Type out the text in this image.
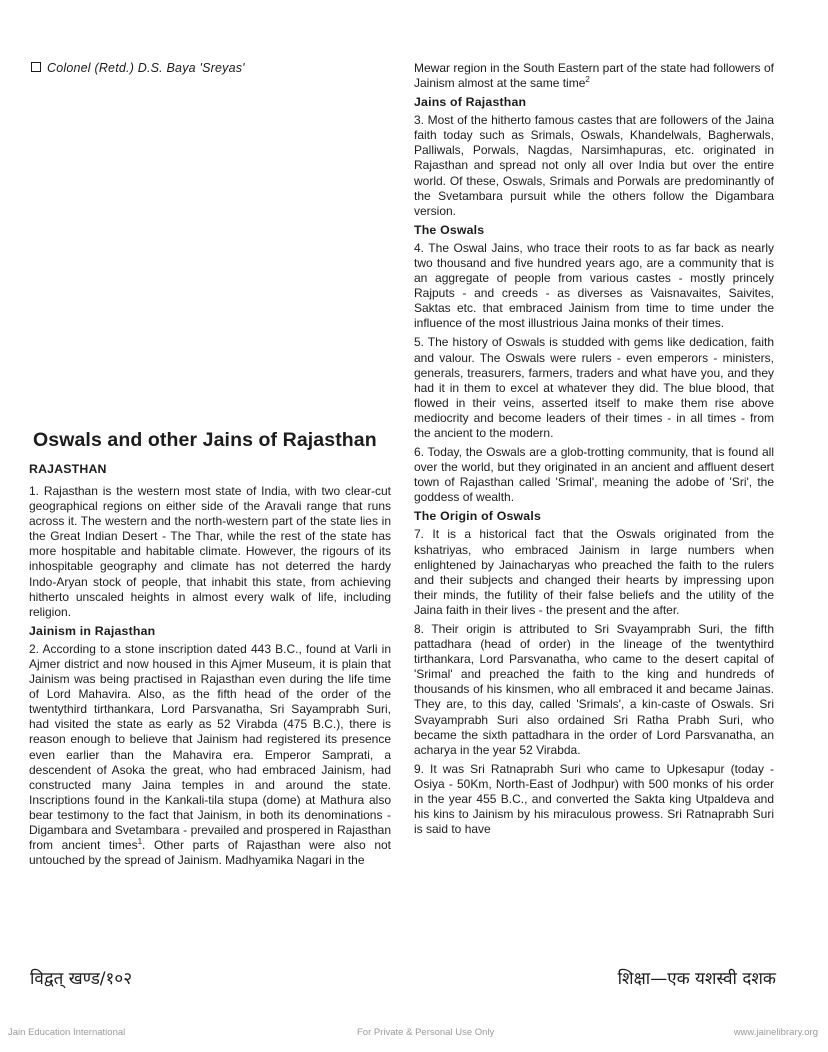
Colonel (Retd.) D.S. Baya 'Sreyas'
Oswals and other Jains of Rajasthan
RAJASTHAN

1. Rajasthan is the western most state of India, with two clear-cut geographical regions on either side of the Aravali range that runs across it. The western and the north-western part of the state lies in the Great Indian Desert - The Thar, while the rest of the state has more hospitable and habitable climate. However, the rigours of its inhospitable geography and climate has not deterred the hardy Indo-Aryan stock of people, that inhabit this state, from achieving hitherto unscaled heights in almost every walk of life, including religion.

Jainism in Rajasthan

2. According to a stone inscription dated 443 B.C., found at Varli in Ajmer district and now housed in this Ajmer Museum, it is plain that Jainism was being practised in Rajasthan even during the life time of Lord Mahavira. Also, as the fifth head of the order of the twentythird tirthankara, Lord Parsvanatha, Sri Sayamprabh Suri, had visited the state as early as 52 Virabda (475 B.C.), there is reason enough to believe that Jainism had registered its presence even earlier than the Mahavira era. Emperor Samprati, a descendent of Asoka the great, who had embraced Jainism, had constructed many Jaina temples in and around the state. Inscriptions found in the Kankali-tila stupa (dome) at Mathura also bear testimony to the fact that Jainism, in both its denominations - Digambara and Svetambara - prevailed and prospered in Rajasthan from ancient times$^1$. Other parts of Rajasthan were also not untouched by the spread of Jainism. Madhyamika Nagari in the

Mewar region in the South Eastern part of the state had followers of Jainism almost at the same time$^2$

Jains of Rajasthan

3. Most of the hitherto famous castes that are followers of the Jaina faith today such as Srimals, Oswals, Khandelwals, Bagherwals, Palliwals, Porwals, Nagdas, Narsimhapuras, etc. originated in Rajasthan and spread not only all over India but over the entire world. Of these, Oswals, Srimals and Porwals are predominantly of the Svetambara pursuit while the others follow the Digambara version.

The Oswals

4. The Oswal Jains, who trace their roots to as far back as nearly two thousand and five hundred years ago, are a community that is an aggregate of people from various castes - mostly princely Rajputs - and creeds - as diverses as Vaisnavaites, Saivites, Saktas etc. that embraced Jainism from time to time under the influence of the most illustrious Jaina monks of their times.

5. The history of Oswals is studded with gems like dedication, faith and valour. The Oswals were rulers - even emperors - ministers, generals, treasurers, farmers, traders and what have you, and they had it in them to excel at whatever they did. The blue blood, that flowed in their veins, asserted itself to make them rise above mediocrity and become leaders of their times - in all times - from the ancient to the modern.

6. Today, the Oswals are a glob-trotting community, that is found all over the world, but they originated in an ancient and affluent desert town of Rajasthan called 'Srimal', meaning the adobe of 'Sri', the goddess of wealth.

The Origin of Oswals

7. It is a historical fact that the Oswals originated from the kshatriyas, who embraced Jainism in large numbers when enlightened by Jainacharyas who preached the faith to the rulers and their subjects and changed their hearts by impressing upon their minds, the futility of their false beliefs and the utility of the Jaina faith in their lives - the present and the after.

8. Their origin is attributed to Sri Svayamprabh Suri, the fifth pattadhara (head of order) in the lineage of the twentythird tirthankara, Lord Parsvanatha, who came to the desert capital of 'Srimal' and preached the faith to the king and hundreds of thousands of his kinsmen, who all embraced it and became Jainas. They are, to this day, called 'Srimals', a kin-caste of Oswals. Sri Svayamprabh Suri also ordained Sri Ratha Prabh Suri, who became the sixth pattadhara in the order of Lord Parsvanatha, an acharya in the year 52 Virabda.

9. It was Sri Ratnaprabh Suri who came to Upkesapur (today - Osiya - 50Km, North-East of Jodhpur) with 500 monks of his order in the year 455 B.C., and converted the Sakta king Utpaldeva and his kins to Jainism by his miraculous prowess. Sri Ratnaprabh Suri is said to have

विद्वत् खण्ड/१०२	शिक्षा—एक यशस्वी दशक
Jain Education International	For Private & Personal Use Only	www.jainelibrary.org
